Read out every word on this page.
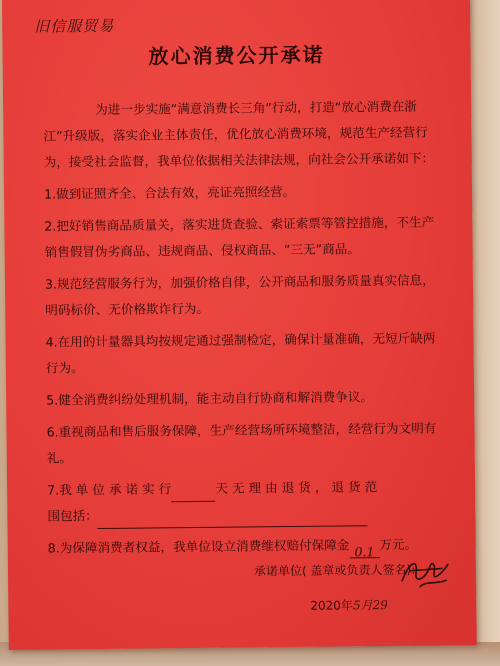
旧信服贸易
放心消费公开承诺

为进一步实施“满意消费长三角”行动，打造“放心消费在浙江”升级版，落实企业主体责任，优化放心消费环境，规范生产经营行为，接受社会监督，我单位依据相关法律法规，向社会公开承诺如下：

1.做到证照齐全、合法有效，亮证亮照经营。

2.把好销售商品质量关，落实进货查验、索证索票等管控措施，不生产销售假冒伪劣商品、违规商品、侵权商品、“三无”商品。

3.规范经营服务行为，加强价格自律，公开商品和服务质量真实信息，明码标价、无价格欺诈行为。

4.在用的计量器具均按规定通过强制检定，确保计量准确，无短斤缺两行为。

5.健全消费纠纷处理机制，能主动自行协商和解消费争议。

6.重视商品和售后服务保障，生产经营场所环境整洁，经营行为文明有礼。

7.我 单 位 承 诺 实 行	天 无 理 由 退 货 ， 退 货 范
围包括：

8.为保障消费者权益，我单位设立消费维权赔付保障金 0.1 万元。

承诺单位( 盖章或负责人签名):

2020年5月29
